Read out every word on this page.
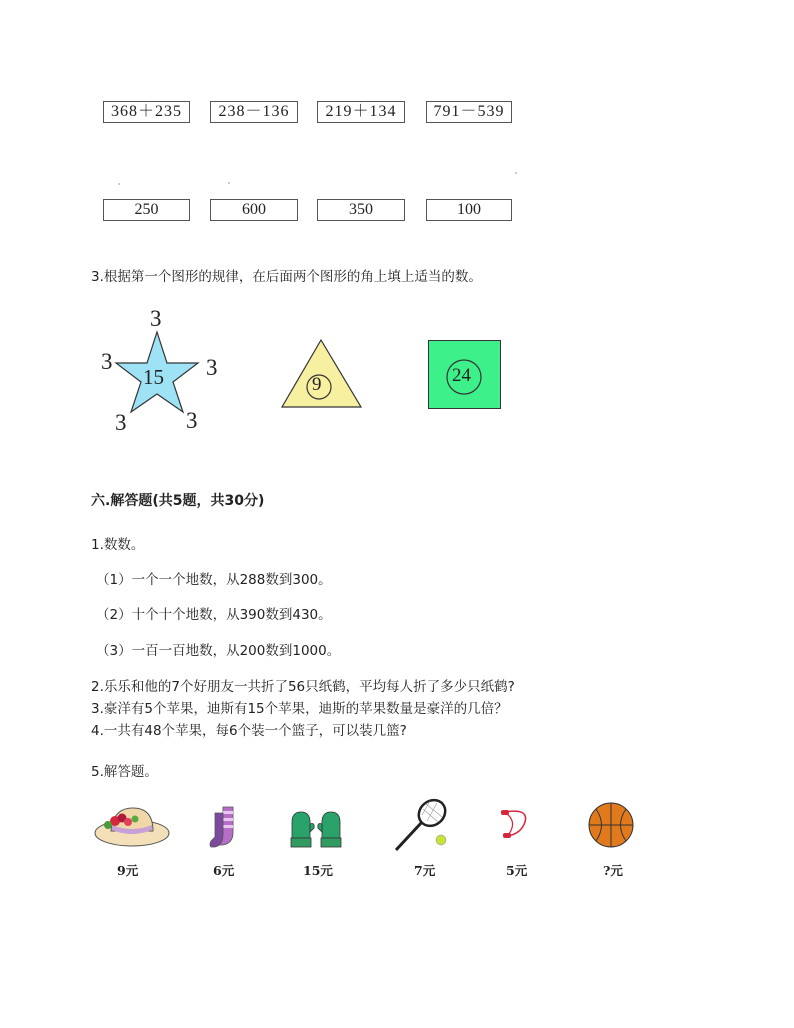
368＋235	238－136	219＋134	791－539
250	600	350	100
3.根据第一个图形的规律，在后面两个图形的角上填上适当的数。
15
3
3	3
3	3
9	24
六.解答题(共5题，共30分)
1.数数。
（1）一个一个地数，从288数到300。
（2）十个十个地数，从390数到430。
（3）一百一百地数，从200数到1000。
2.乐乐和他的7个好朋友一共折了56只纸鹤，平均每人折了多少只纸鹤?
3.豪洋有5个苹果，迪斯有15个苹果，迪斯的苹果数量是豪洋的几倍？
4.一共有48个苹果，每6个装一个篮子，可以装几篮?
5.解答题。
9元	6元	15元	7元	5元	?元
